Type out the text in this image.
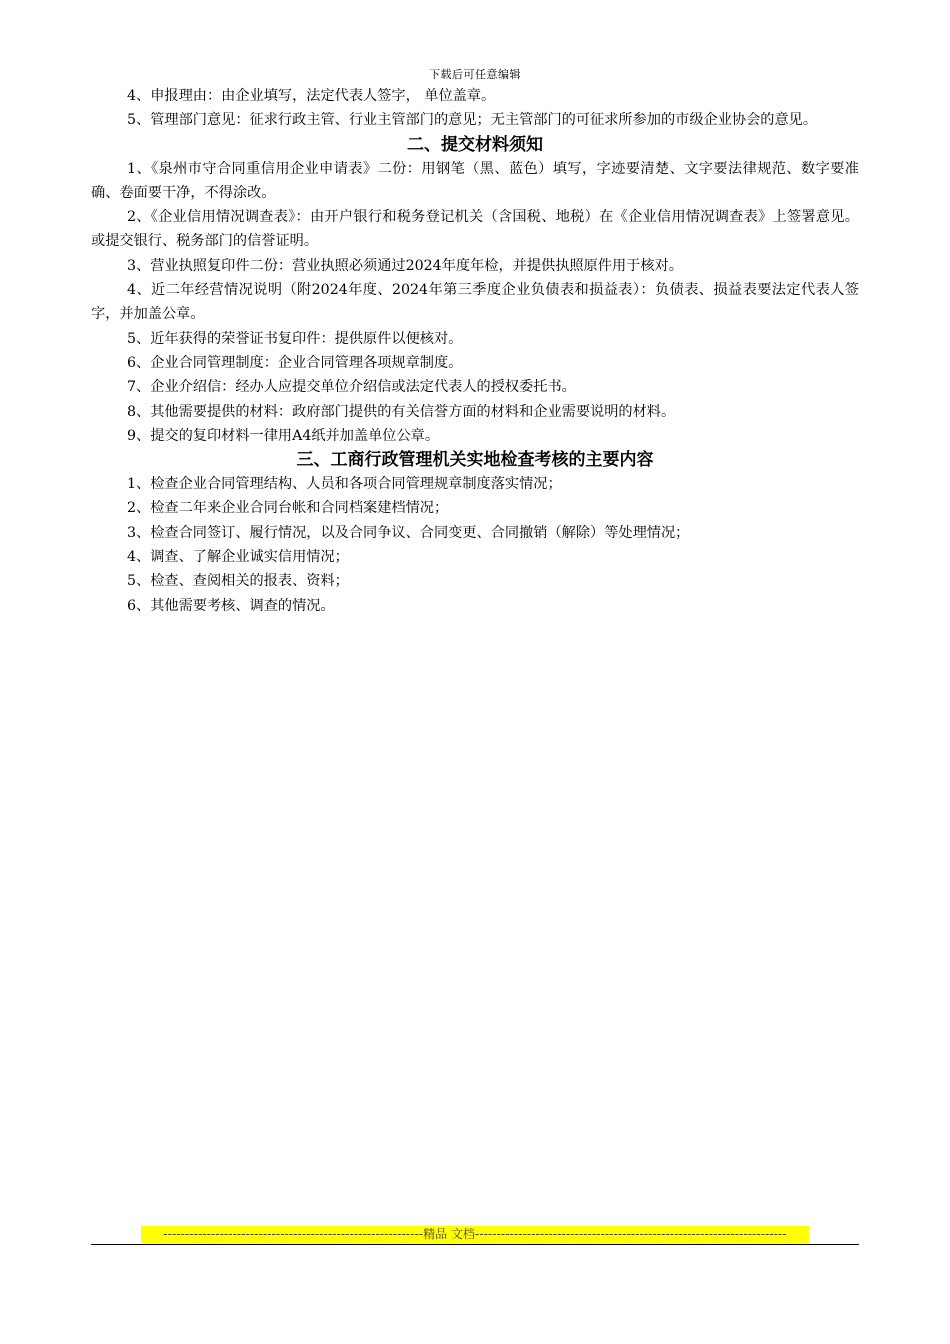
下载后可任意编辑

4、申报理由：由企业填写，法定代表人签字， 单位盖章。

5、管理部门意见：征求行政主管、行业主管部门的意见；无主管部门的可征求所参加的市级企业协会的意见。

二、提交材料须知

1、《泉州市守合同重信用企业申请表》二份：用钢笔（黑、蓝色）填写，字迹要清楚、文字要法律规范、数字要准确、卷面要干净，不得涂改。

2、《企业信用情况调查表》：由开户银行和税务登记机关（含国税、地税）在《企业信用情况调查表》上签署意见。或提交银行、税务部门的信誉证明。

3、营业执照复印件二份：营业执照必须通过2024年度年检，并提供执照原件用于核对。

4、近二年经营情况说明（附2024年度、2024年第三季度企业负债表和损益表）：负债表、损益表要法定代表人签字，并加盖公章。

5、近年获得的荣誉证书复印件：提供原件以便核对。

6、企业合同管理制度：企业合同管理各项规章制度。

7、企业介绍信：经办人应提交单位介绍信或法定代表人的授权委托书。

8、其他需要提供的材料：政府部门提供的有关信誉方面的材料和企业需要说明的材料。

9、提交的复印材料一律用A4纸并加盖单位公章。

三、工商行政管理机关实地检查考核的主要内容

1、检查企业合同管理结构、人员和各项合同管理规章制度落实情况；

2、检查二年来企业合同台帐和合同档案建档情况；

3、检查合同签订、履行情况，以及合同争议、合同变更、合同撤销（解除）等处理情况；

4、调查、了解企业诚实信用情况；

5、检查、查阅相关的报表、资料；

6、其他需要考核、调查的情况。

------------------------------------------------------------精品 文档------------------------------------------------------------------------
